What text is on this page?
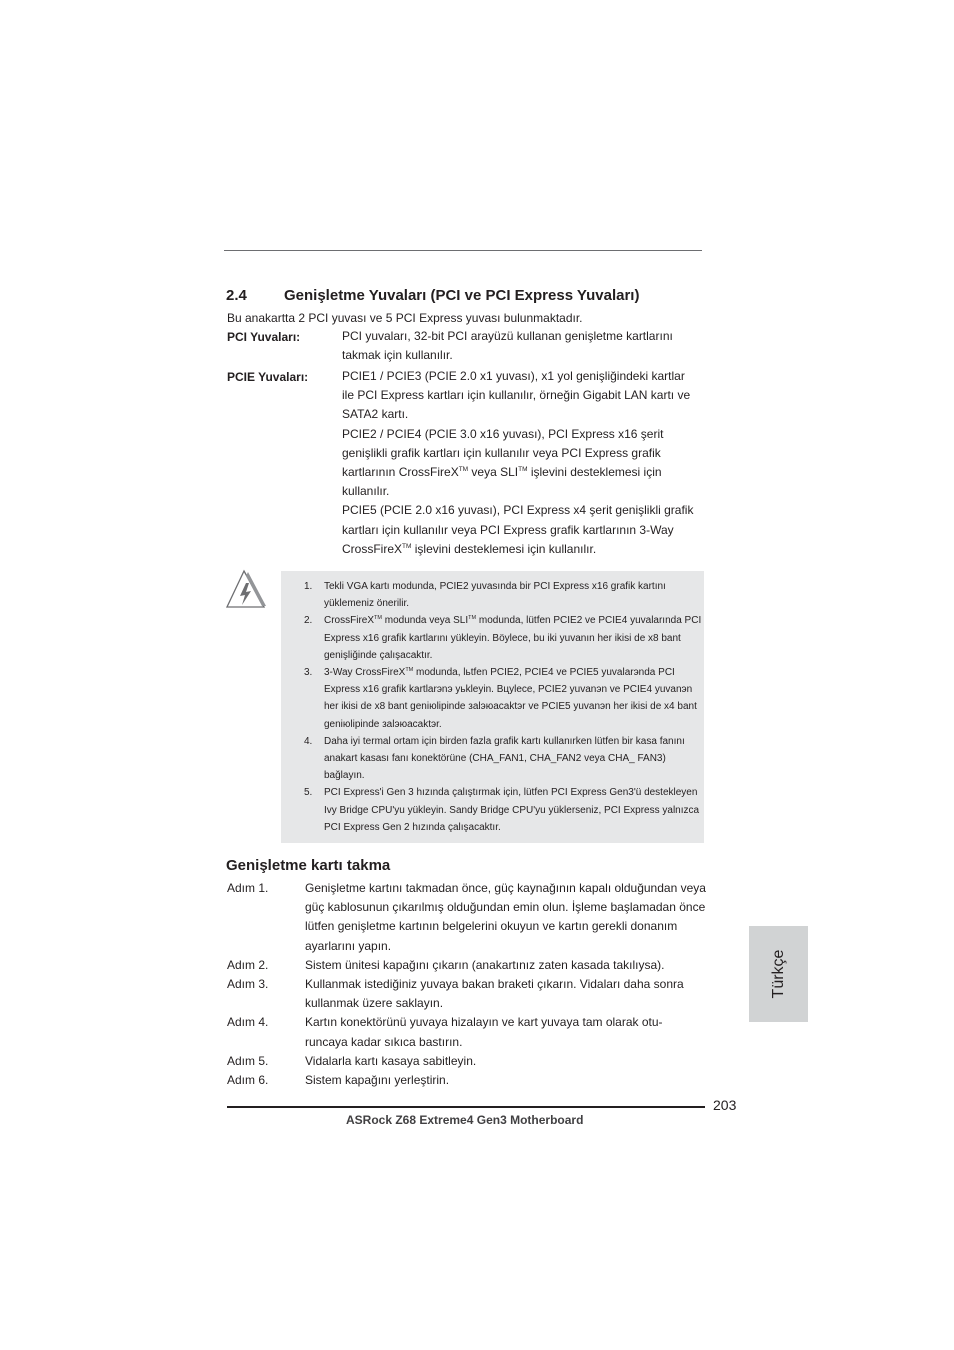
2.4 Genişletme Yuvaları (PCI ve PCI Express Yuvaları)
Bu anakartta 2 PCI yuvası ve 5 PCI Express yuvası bulunmaktadır.
PCI Yuvaları:	PCI yuvaları, 32-bit PCI arayüzü kullanan genişletme kartlarını takmak için kullanılır.

PCIE Yuvaları:	PCIE1 / PCIE3 (PCIE 2.0 x1 yuvası), x1 yol genişliğindeki kartlar ile PCI Express kartları için kullanılır, örneğin Gigabit LAN kartı ve SATA2 kartı.

PCIE2 / PCIE4 (PCIE 3.0 x16 yuvası), PCI Express x16 şerit genişlikli grafik kartları için kullanılır veya PCI Express grafik kartlarının CrossFireX™ veya SLI™ işlevini desteklemesi için kullanılır.

PCIE5 (PCIE 2.0 x16 yuvası), PCI Express x4 şerit genişlikli grafik kartları için kullanılır veya PCI Express grafik kartlarının 3-Way CrossFireX™ işlevini desteklemesi için kullanılır.

1. Tekli VGA kartı modunda, PCIE2 yuvasında bir PCI Express x16 grafik kartını yüklemeniz önerilir.
2. CrossFireX™ modunda veya SLI™ modunda, lütfen PCIE2 ve PCIE4 yuvalarında PCI Express x16 grafik kartlarını yükleyin. Böylece, bu iki yuvanın her ikisi de x8 bant genişliğinde çalışacaktır.
3. 3-Way CrossFireX™ modunda, lьtfen PCIE2, PCIE4 ve PCIE5 yuvalarэnda PCI Express x16 grafik kartlarэnэ yьkleyin. Bцylece, PCIE2 yuvanэn ve PCIE4 yuvanэn her ikisi de x8 bant geniюliрinde зalэюacaktэr ve PCIE5 yuvanэn her ikisi de x4 bant geniюliрinde зalэюacaktэr.
4. Daha iyi termal ortam için birden fazla grafik kartı kullanırken lütfen bir kasa fanını anakart kasası fanı konektörüne (CHA_FAN1, CHA_FAN2 veya CHA_ FAN3) bağlayın.
5. PCI Express'i Gen 3 hızında çalıştırmak için, lütfen PCI Express Gen3'ü destekleyen Ivy Bridge CPU'yu yükleyin. Sandy Bridge CPU'yu yüklerseniz, PCI Express yalnızca PCI Express Gen 2 hızında çalışacaktır.
Genişletme kartı takma
Adım 1.	Genişletme kartını takmadan önce, güç kaynağının kapalı olduğundan veya güç kablosunun çıkarılmış olduğundan emin olun. İşleme başlamadan önce lütfen genişletme kartının belgelerini okuyun ve kartın gerekli donanım ayarlarını yapın.
Adım 2.	Sistem ünitesi kapağını çıkarın (anakartınız zaten kasada takılıysa).
Adım 3.	Kullanmak istediğiniz yuvaya bakan braketi çıkarın. Vidaları daha sonra kullanmak üzere saklayın.
Adım 4.	Kartın konektörünü yuvaya hizalayın ve kart yuvaya tam olarak otu- runcaya kadar sıkıca bastırın.
Adım 5.	Vidalarla kartı kasaya sabitleyin.
Adım 6.	Sistem kapağını yerleştirin.
Türkçe
203
ASRock Z68 Extreme4 Gen3 Motherboard
